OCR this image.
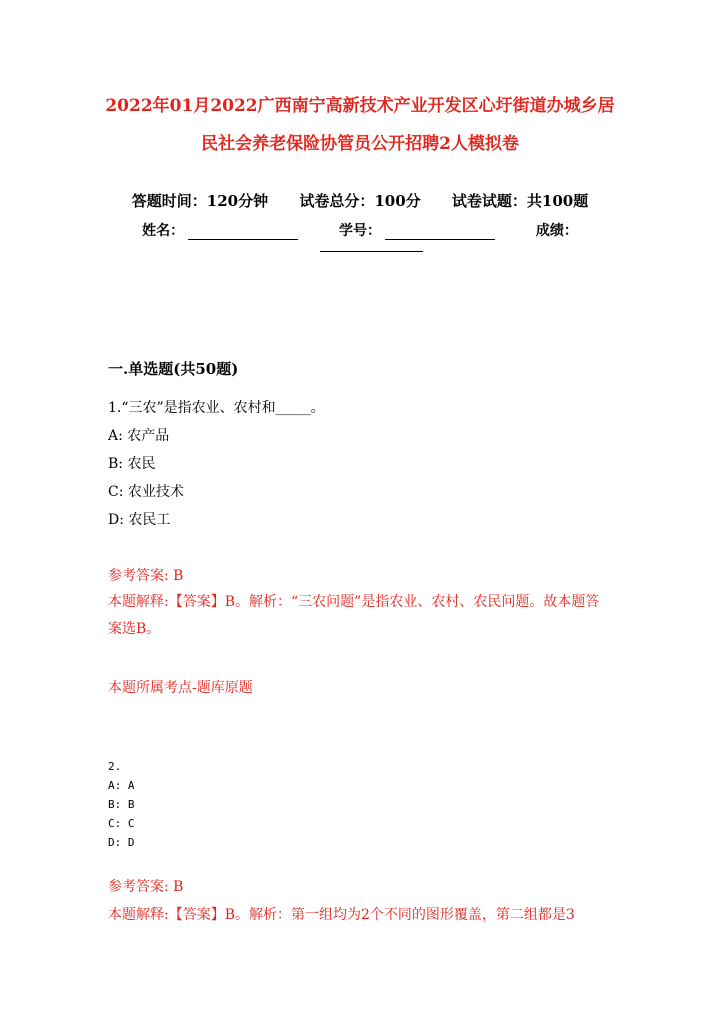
2022年01月2022广西南宁高新技术产业开发区心圩街道办城乡居
民社会养老保险协管员公开招聘2人模拟卷
答题时间：120分钟 试卷总分：100分 试卷试题：共100题
姓名：	学号：	成绩：
一.单选题(共50题)
1.“三农”是指农业、农村和_____。
A: 农产品
B: 农民
C: 农业技术
D: 农民工
参考答案: B
本题解释:【答案】B。解析：“三农问题”是指农业、农村、农民问题。故本题答案选B。
本题所属考点-题库原题
2.
A: A
B: B
C: C
D: D
参考答案: B
本题解释:【答案】B。解析：第一组均为2个不同的图形覆盖，第二组都是3
